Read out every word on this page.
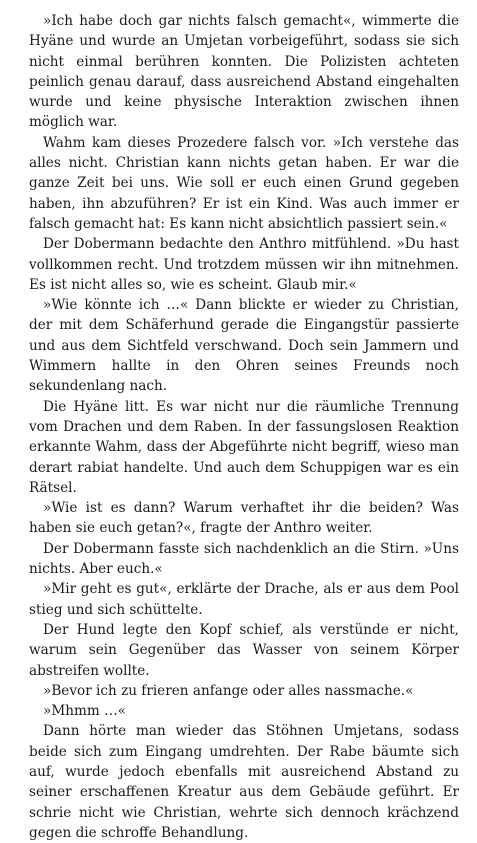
»Ich habe doch gar nichts falsch gemacht«, wimmerte die Hyäne und wurde an Umjetan vorbeigeführt, sodass sie sich nicht einmal berühren konnten. Die Polizisten achteten peinlich genau darauf, dass ausreichend Abstand eingehalten wurde und keine physische Interaktion zwischen ihnen möglich war.

Wahm kam dieses Prozedere falsch vor. »Ich verstehe das alles nicht. Christian kann nichts getan haben. Er war die ganze Zeit bei uns. Wie soll er euch einen Grund gegeben haben, ihn abzuführen? Er ist ein Kind. Was auch immer er falsch gemacht hat: Es kann nicht absichtlich passiert sein.«

Der Dobermann bedachte den Anthro mitfühlend. »Du hast vollkommen recht. Und trotzdem müssen wir ihn mitnehmen. Es ist nicht alles so, wie es scheint. Glaub mir.«

»Wie könnte ich …« Dann blickte er wieder zu Christian, der mit dem Schäferhund gerade die Eingangstür passierte und aus dem Sichtfeld verschwand. Doch sein Jammern und Wimmern hallte in den Ohren seines Freunds noch sekundenlang nach.

Die Hyäne litt. Es war nicht nur die räumliche Trennung vom Drachen und dem Raben. In der fassungslosen Reaktion erkannte Wahm, dass der Abgeführte nicht begriff, wieso man derart rabiat handelte. Und auch dem Schuppigen war es ein Rätsel.

»Wie ist es dann? Warum verhaftet ihr die beiden? Was haben sie euch getan?«, fragte der Anthro weiter.

Der Dobermann fasste sich nachdenklich an die Stirn. »Uns nichts. Aber euch.«

»Mir geht es gut«, erklärte der Drache, als er aus dem Pool stieg und sich schüttelte.

Der Hund legte den Kopf schief, als verstünde er nicht, warum sein Gegenüber das Wasser von seinem Körper abstreifen wollte.

»Bevor ich zu frieren anfange oder alles nassmache.«

»Mhmm …«

Dann hörte man wieder das Stöhnen Umjetans, sodass beide sich zum Eingang umdrehten. Der Rabe bäumte sich auf, wurde jedoch ebenfalls mit ausreichend Abstand zu seiner erschaffenen Kreatur aus dem Gebäude geführt. Er schrie nicht wie Christian, wehrte sich dennoch krächzend gegen die schroffe Behandlung.
